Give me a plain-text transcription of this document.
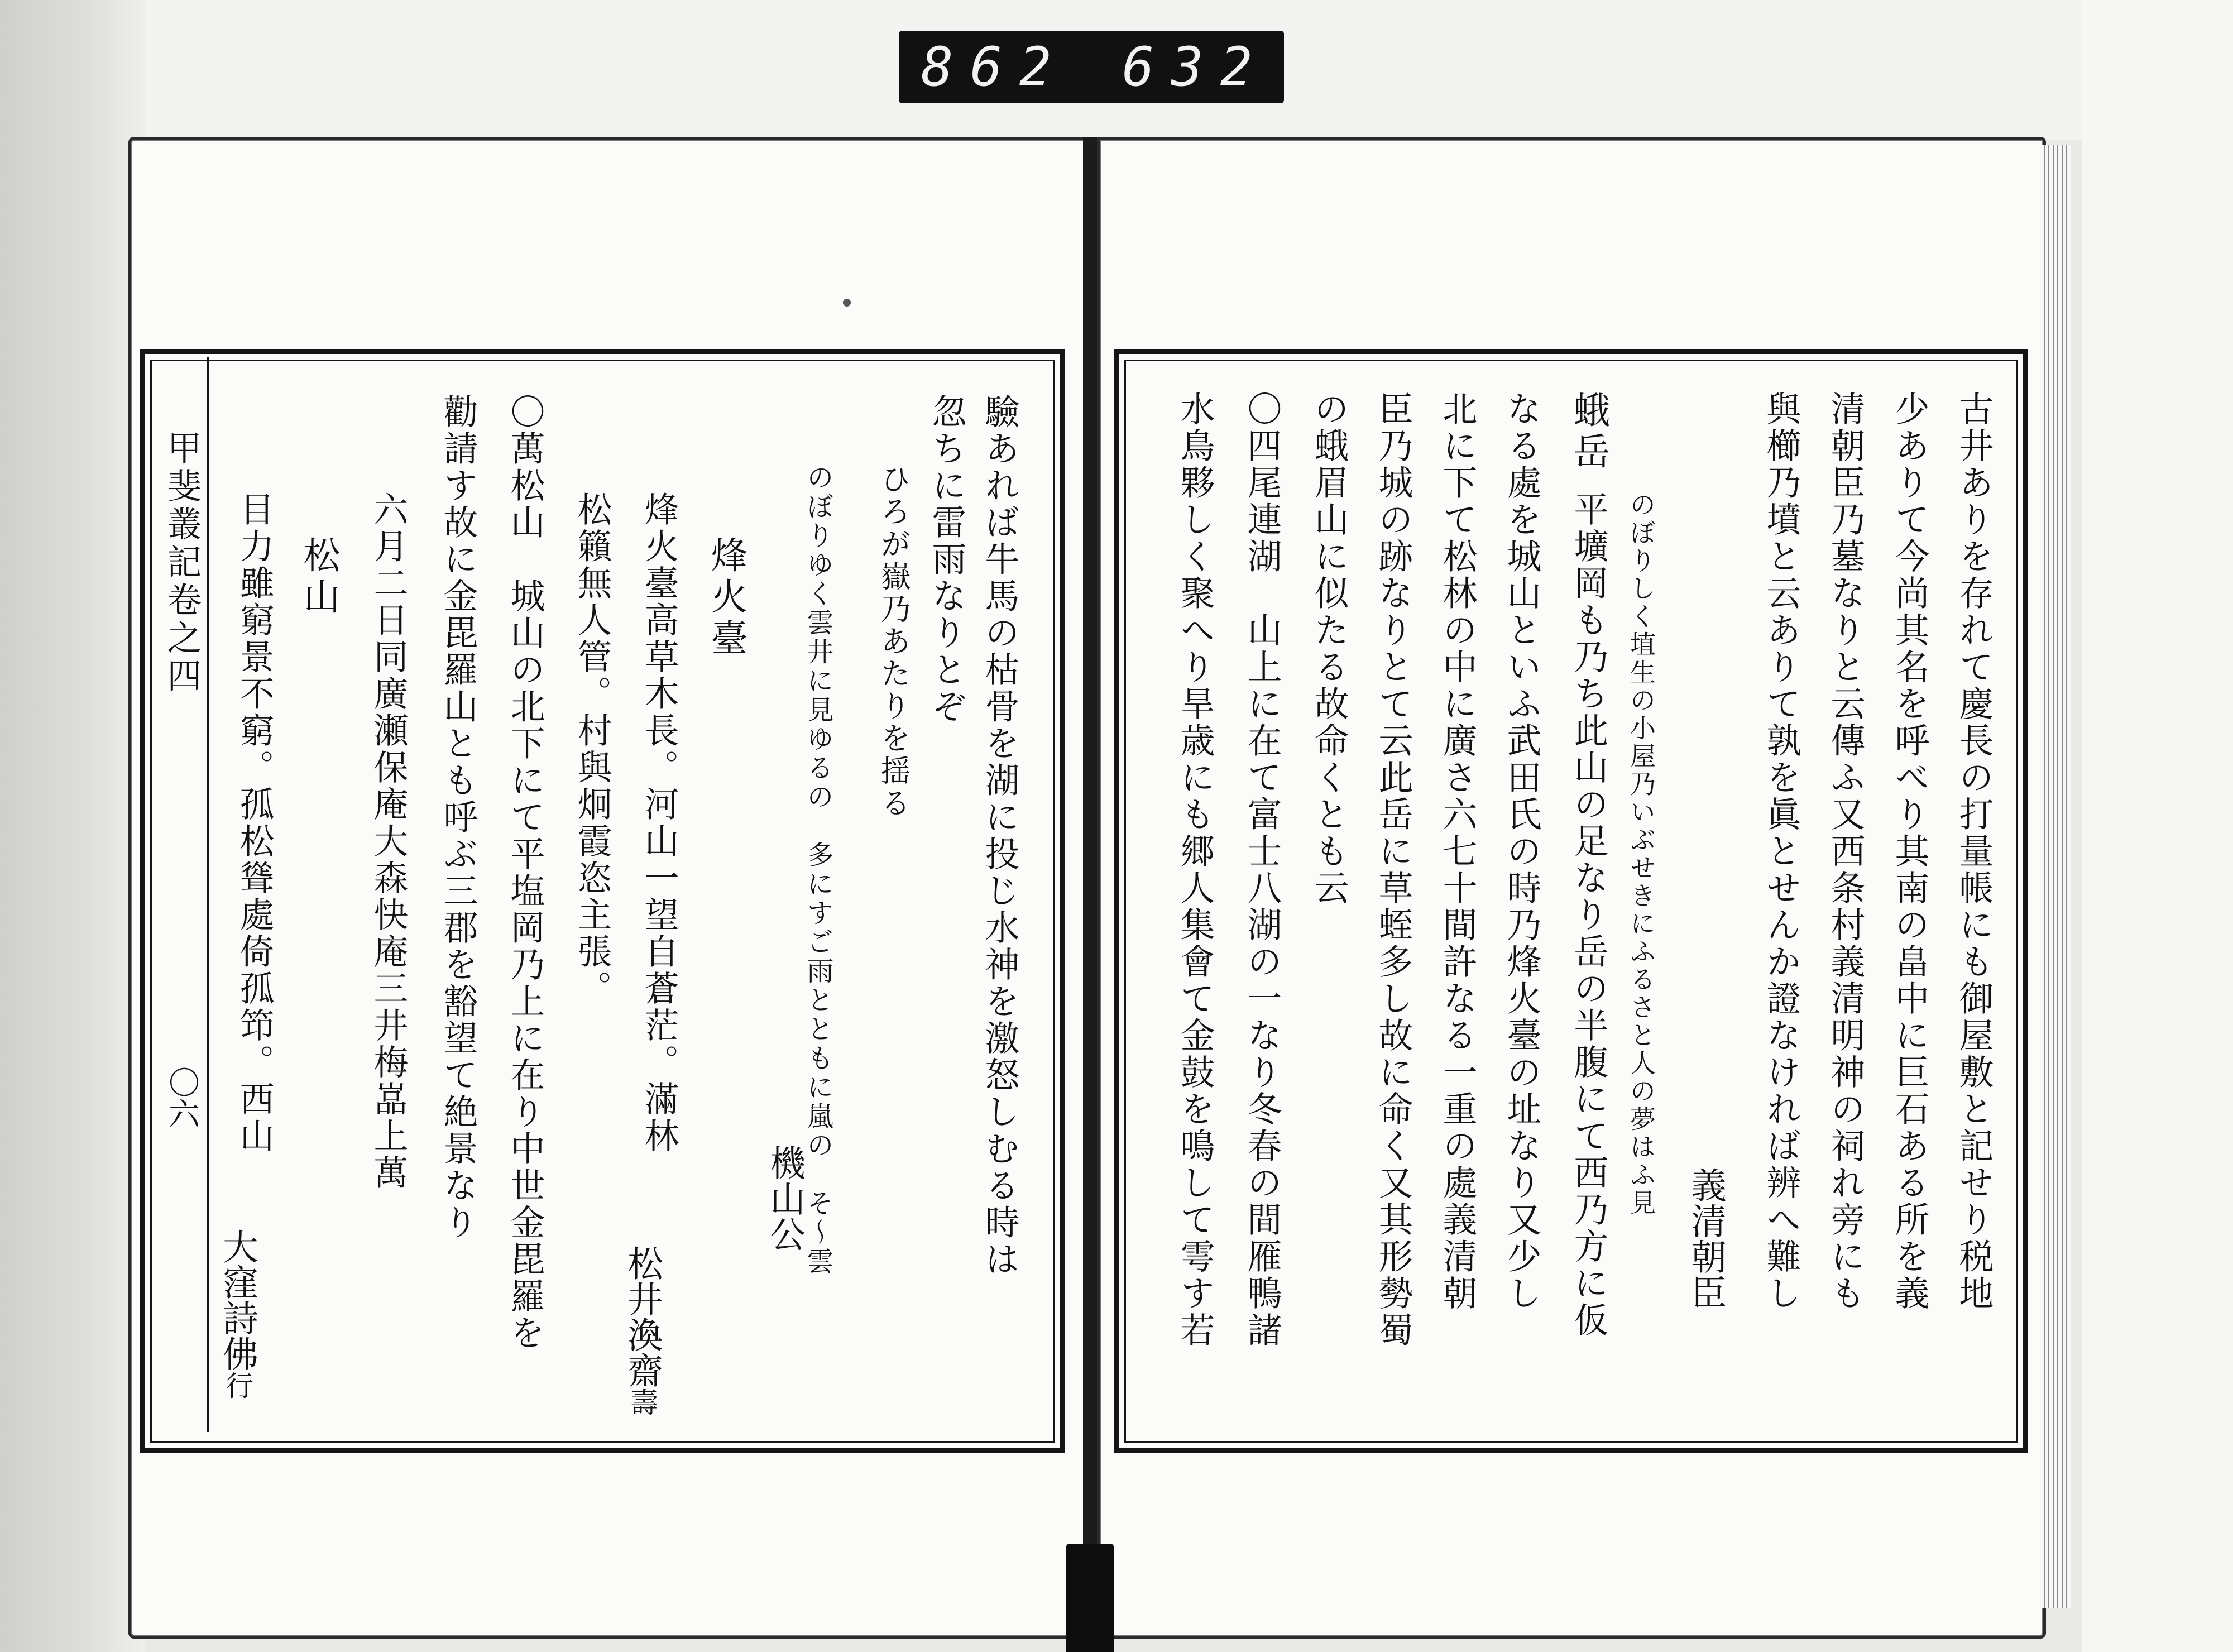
862 632
甲斐叢記卷之四
〇六	驗あれば牛馬の枯骨を湖に投じ水神を激怒しむる時は
忽ちに雷雨なりとぞ
ひろが嶽乃あたりを揺る
のぼりゆく雲井に見ゆるの　多にすご雨とともに嵐の　そ〜雲
機山公
烽火臺
烽火臺高草木長。河山一望自蒼茫。滿林
松井渙齋壽
松籟無人管。村與炯霞恣主張。
〇萬松山　城山の北下にて平塩岡乃上に在り中世金毘羅を
勸請す故に金毘羅山とも呼ぶ三郡を豁望て絶景なり
六月二日同廣瀬保庵大森快庵三井梅嵓上萬
松山
目力雖窮景不窮。孤松聳處倚孤笻。西山
大窪詩佛行
古井ありを存れて慶長の打量帳にも御屋敷と記せり税地
少ありて今尚其名を呼べり其南の畠中に巨石ある所を義
清朝臣乃墓なりと云傳ふ又西条村義清明神の祠れ旁にも
與櫛乃墳と云ありて孰を眞とせんか證なければ辨へ難し
義清朝臣
のぼりしく埴生の小屋乃いぶせきにふるさと人の夢はふ見
蛾岳
平壙岡も乃ち此山の足なり岳の半腹にて西乃方に仮
なる處を城山といふ武田氏の時乃烽火臺の址なり又少し
北に下て松林の中に廣さ六七十間許なる一重の處義清朝
臣乃城の跡なりとて云此岳に草蛭多し故に命く又其形勢蜀
の蛾眉山に似たる故命くとも云
〇四尾連湖　山上に在て富士八湖の一なり冬春の間雁鴨諸
水鳥夥しく聚へり旱歳にも郷人集會て金鼓を鳴して雩す若
